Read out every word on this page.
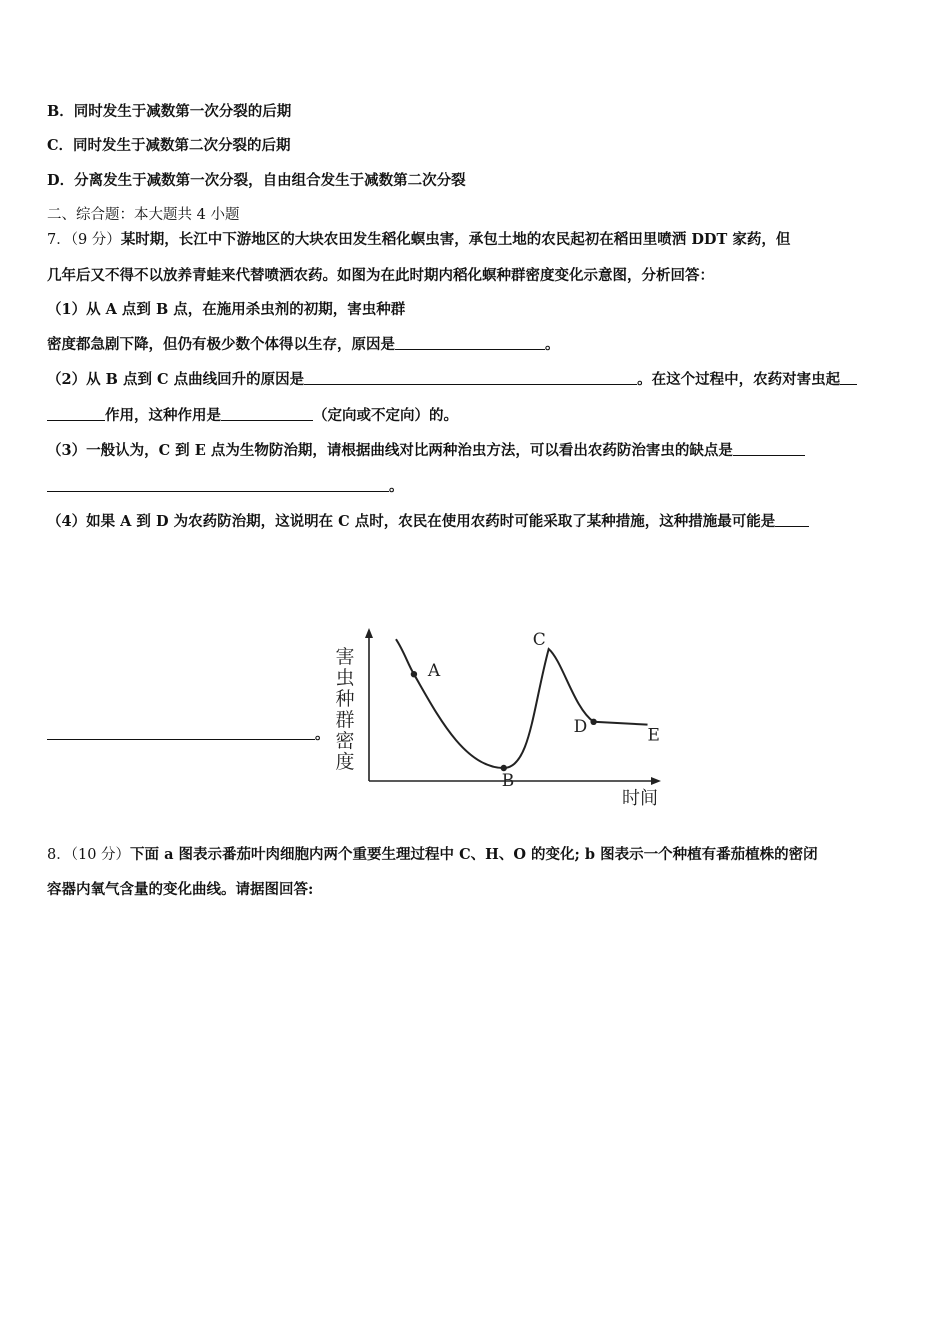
B．同时发生于减数第一次分裂的后期
C．同时发生于减数第二次分裂的后期
D．分离发生于减数第一次分裂，自由组合发生于减数第二次分裂
二、综合题：本大题共 4 小题
7．（9 分）某时期，长江中下游地区的大块农田发生稻化螟虫害，承包土地的农民起初在稻田里喷洒 DDT 家药，但
几年后又不得不以放养青蛙来代替喷洒农药。如图为在此时期内稻化螟种群密度变化示意图，分析回答：
（1）从 A 点到 B 点，在施用杀虫剂的初期，害虫种群
密度都急剧下降，但仍有极少数个体得以生存，原因是	。
（2）从 B 点到 C 点曲线回升的原因是	。在这个过程中，农药对害虫起
作用，这种作用是	（定向或不定向）的。
（3）一般认为，C 到 E 点为生物防治期，请根据曲线对比两种治虫方法，可以看出农药防治害虫的缺点是
。
（4）如果 A 到 D 为农药防治期，这说明在 C 点时，农民在使用农药时可能采取了某种措施，这种措施最可能是
。
害虫种群密度
时间
A
B
C
D	E
8．（10 分）下面 a 图表示番茄叶肉细胞内两个重要生理过程中 C、H、O 的变化; b 图表示一个种植有番茄植株的密闭
容器内氧气含量的变化曲线。请据图回答:
